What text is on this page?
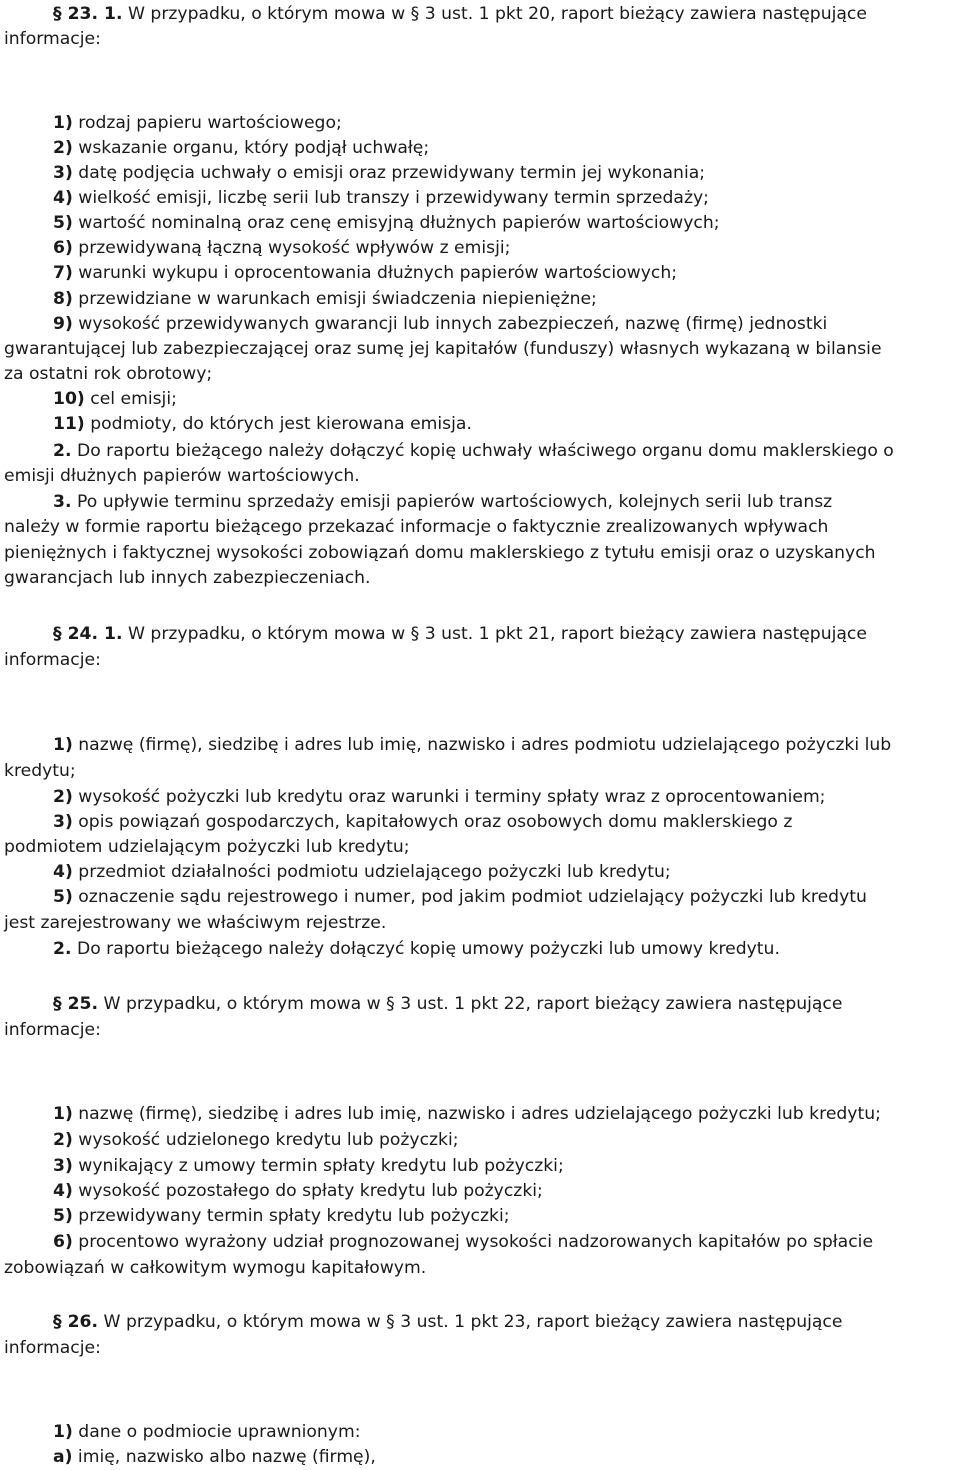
§ 23. 1. W przypadku, o którym mowa w § 3 ust. 1 pkt 20, raport bieżący zawiera następujące

informacje:

1) rodzaj papieru wartościowego;

2) wskazanie organu, który podjął uchwałę;

3) datę podjęcia uchwały o emisji oraz przewidywany termin jej wykonania;

4) wielkość emisji, liczbę serii lub transzy i przewidywany termin sprzedaży;

5) wartość nominalną oraz cenę emisyjną dłużnych papierów wartościowych;

6) przewidywaną łączną wysokość wpływów z emisji;

7) warunki wykupu i oprocentowania dłużnych papierów wartościowych;

8) przewidziane w warunkach emisji świadczenia niepieniężne;

9) wysokość przewidywanych gwarancji lub innych zabezpieczeń, nazwę (firmę) jednostki

gwarantującej lub zabezpieczającej oraz sumę jej kapitałów (funduszy) własnych wykazaną w bilansie

za ostatni rok obrotowy;

10) cel emisji;

11) podmioty, do których jest kierowana emisja.

2. Do raportu bieżącego należy dołączyć kopię uchwały właściwego organu domu maklerskiego o

emisji dłużnych papierów wartościowych.

3. Po upływie terminu sprzedaży emisji papierów wartościowych, kolejnych serii lub transz

należy w formie raportu bieżącego przekazać informacje o faktycznie zrealizowanych wpływach

pieniężnych i faktycznej wysokości zobowiązań domu maklerskiego z tytułu emisji oraz o uzyskanych

gwarancjach lub innych zabezpieczeniach.

§ 24. 1. W przypadku, o którym mowa w § 3 ust. 1 pkt 21, raport bieżący zawiera następujące

informacje:

1) nazwę (firmę), siedzibę i adres lub imię, nazwisko i adres podmiotu udzielającego pożyczki lub

kredytu;

2) wysokość pożyczki lub kredytu oraz warunki i terminy spłaty wraz z oprocentowaniem;

3) opis powiązań gospodarczych, kapitałowych oraz osobowych domu maklerskiego z

podmiotem udzielającym pożyczki lub kredytu;

4) przedmiot działalności podmiotu udzielającego pożyczki lub kredytu;

5) oznaczenie sądu rejestrowego i numer, pod jakim podmiot udzielający pożyczki lub kredytu

jest zarejestrowany we właściwym rejestrze.

2. Do raportu bieżącego należy dołączyć kopię umowy pożyczki lub umowy kredytu.

§ 25. W przypadku, o którym mowa w § 3 ust. 1 pkt 22, raport bieżący zawiera następujące

informacje:

1) nazwę (firmę), siedzibę i adres lub imię, nazwisko i adres udzielającego pożyczki lub kredytu;

2) wysokość udzielonego kredytu lub pożyczki;

3) wynikający z umowy termin spłaty kredytu lub pożyczki;

4) wysokość pozostałego do spłaty kredytu lub pożyczki;

5) przewidywany termin spłaty kredytu lub pożyczki;

6) procentowo wyrażony udział prognozowanej wysokości nadzorowanych kapitałów po spłacie

zobowiązań w całkowitym wymogu kapitałowym.

§ 26. W przypadku, o którym mowa w § 3 ust. 1 pkt 23, raport bieżący zawiera następujące

informacje:

1) dane o podmiocie uprawnionym:

a) imię, nazwisko albo nazwę (firmę),
